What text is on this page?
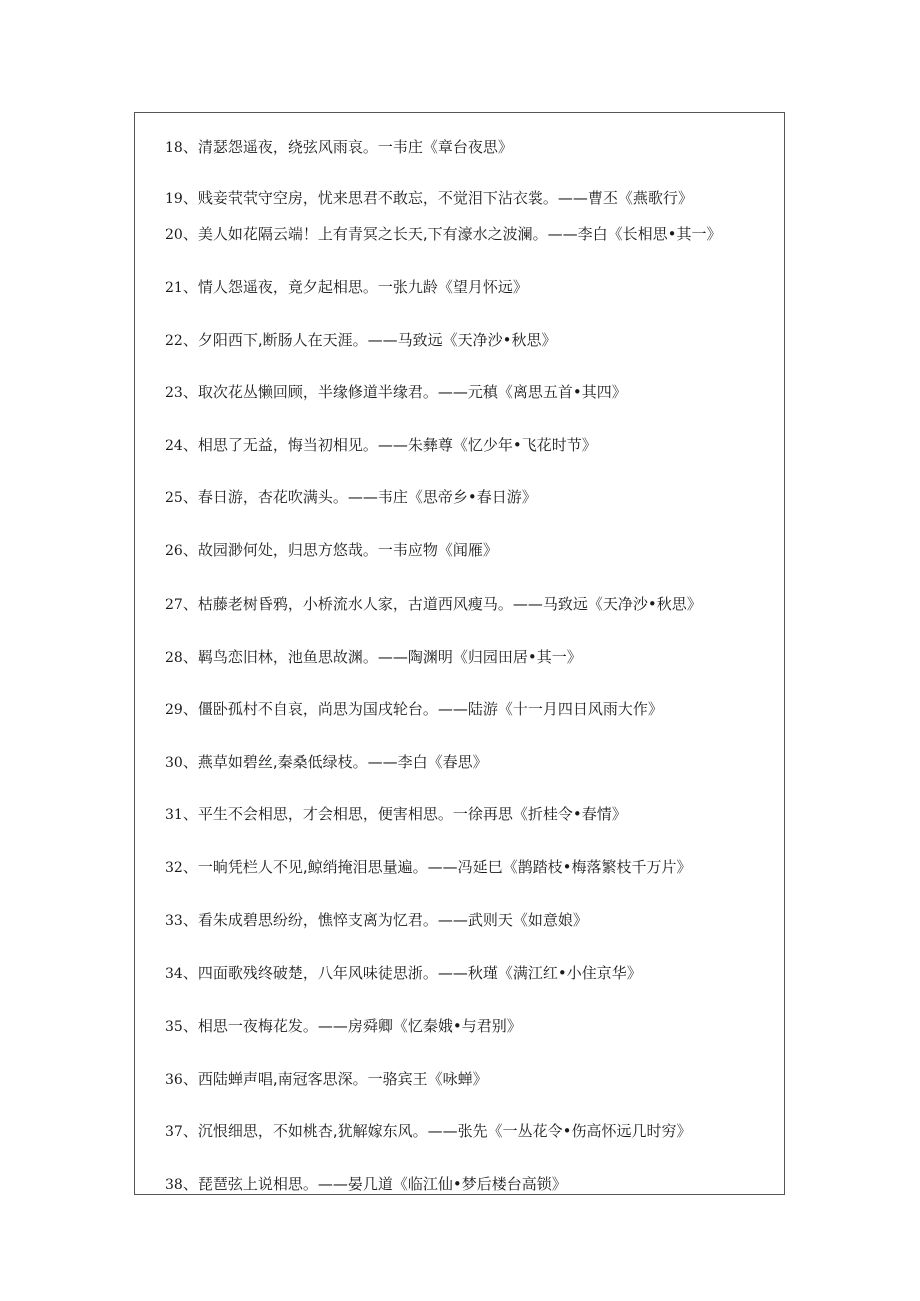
18、清瑟怨遥夜，绕弦风雨哀。一韦庄《章台夜思》
19、贱妾茕茕守空房，忧来思君不敢忘，不觉泪下沾衣裳。——曹丕《燕歌行》
20、美人如花隔云端！上有青冥之长天,下有濠水之波澜。——李白《长相思•其一》
21、情人怨遥夜，竟夕起相思。一张九龄《望月怀远》
22、夕阳西下,断肠人在天涯。——马致远《天净沙•秋思》
23、取次花丛懒回顾，半缘修道半缘君。——元稹《离思五首•其四》
24、相思了无益，悔当初相见。——朱彝尊《忆少年•飞花时节》
25、春日游，杏花吹满头。——韦庄《思帝乡•春日游》
26、故园渺何处，归思方悠哉。一韦应物《闻雁》
27、枯藤老树昏鸦，小桥流水人家，古道西风瘦马。——马致远《天净沙•秋思》
28、羁鸟恋旧林，池鱼思故渊。——陶渊明《归园田居•其一》
29、僵卧孤村不自哀，尚思为国戌轮台。——陆游《十一月四日风雨大作》
30、燕草如碧丝,秦桑低绿枝。——李白《春思》
31、平生不会相思，才会相思，便害相思。一徐再思《折桂令•春情》
32、一晌凭栏人不见,鲸绡掩泪思量遍。——冯延巳《鹊踏枝•梅落繁枝千万片》
33、看朱成碧思纷纷，憔悴支离为忆君。——武则天《如意娘》
34、四面歌残终破楚，八年风味徒思浙。——秋瑾《满江红•小住京华》
35、相思一夜梅花发。——房舜卿《忆秦娥•与君别》
36、西陆蝉声唱,南冠客思深。一骆宾王《咏蝉》
37、沉恨细思，不如桃杏,犹解嫁东风。——张先《一丛花令•伤高怀远几时穷》
38、琵琶弦上说相思。——晏几道《临江仙•梦后楼台高锁》
